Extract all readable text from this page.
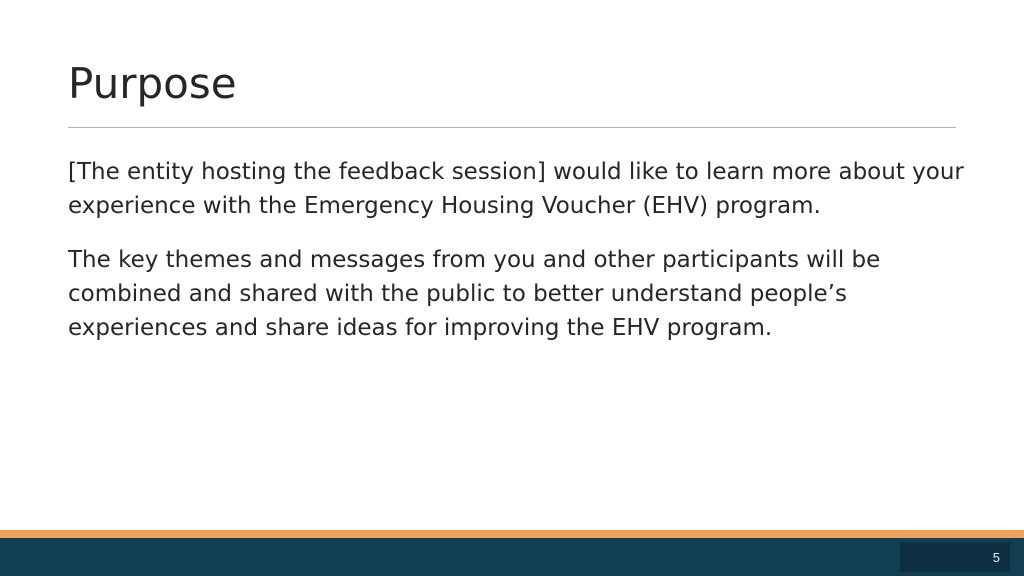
Purpose

[The entity hosting the feedback session] would like to learn more about your experience with the Emergency Housing Voucher (EHV) program.

The key themes and messages from you and other participants will be combined and shared with the public to better understand people’s experiences and share ideas for improving the EHV program.

5
